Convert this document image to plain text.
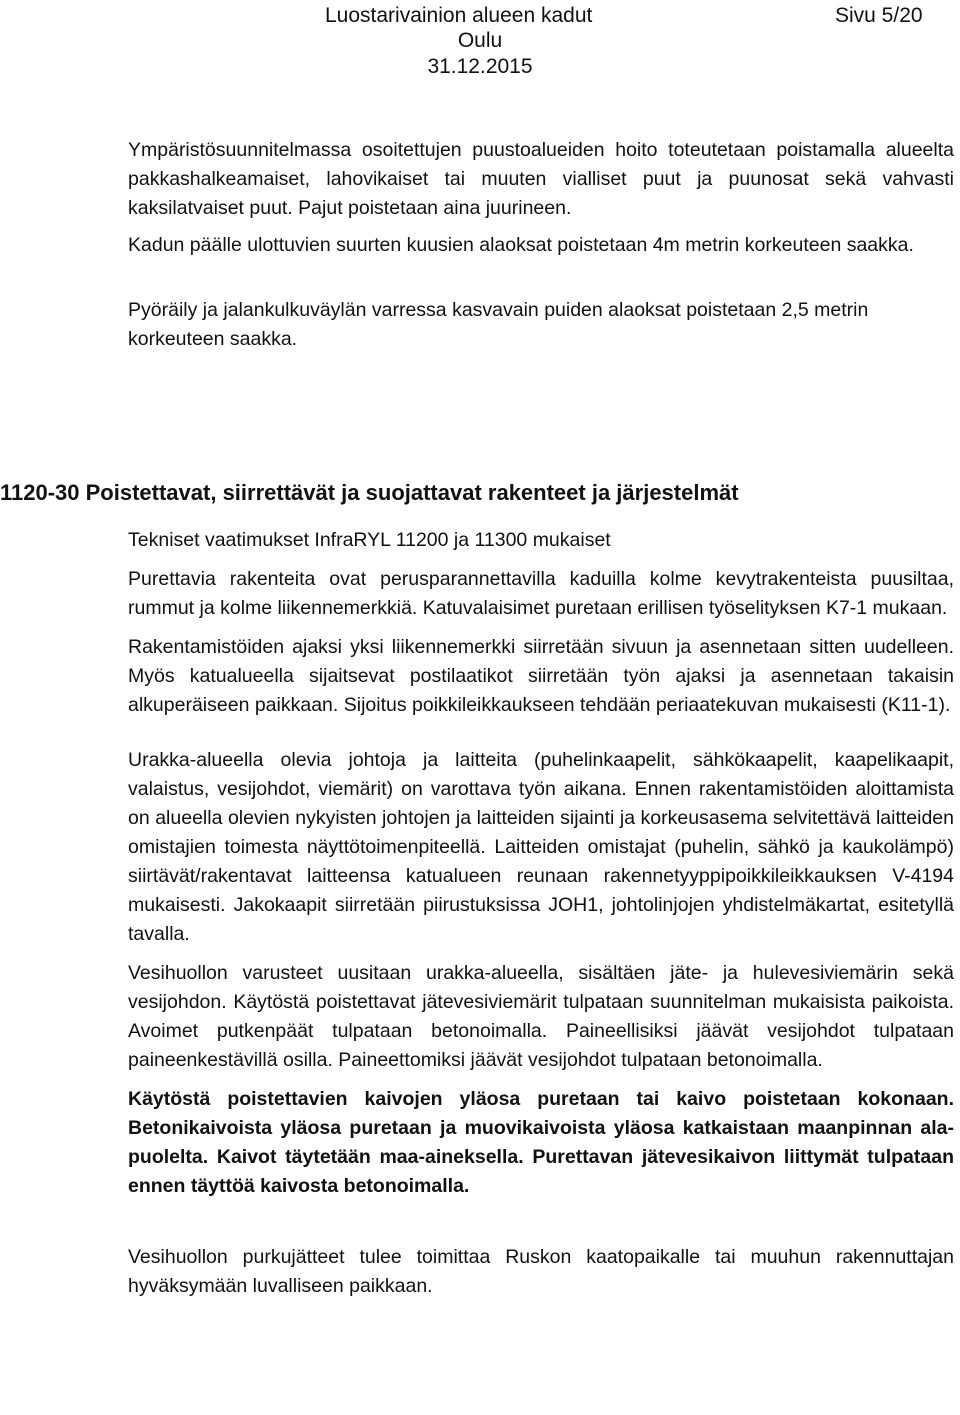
Luostarivainion alueen kadut	Sivu 5/20
Oulu
31.12.2015

Ympäristösuunnitelmassa osoitettujen puustoalueiden hoito toteutetaan poistamalla alueelta pakkashalkeamaiset, lahovikaiset tai muuten vialliset puut ja puunosat sekä vahvasti kaksilatvaiset puut. Pajut poistetaan aina juurineen.

Kadun päälle ulottuvien suurten kuusien alaoksat poistetaan 4m metrin korkeuteen saakka.

Pyöräily ja jalankulkuväylän varressa kasvavain puiden alaoksat poistetaan 2,5 metrin korkeuteen saakka.

1120-30 Poistettavat, siirrettävät ja suojattavat rakenteet ja järjestelmät

Tekniset vaatimukset InfraRYL 11200 ja 11300 mukaiset

Purettavia rakenteita ovat perusparannettavilla kaduilla kolme kevytrakenteista puusiltaa, rummut ja kolme liikennemerkkiä. Katuvalaisimet puretaan erillisen työselityksen K7-1 mukaan.

Rakentamistöiden ajaksi yksi liikennemerkki siirretään sivuun ja asennetaan sitten uudelleen. Myös katualueella sijaitsevat postilaatikot siirretään työn ajaksi ja asennetaan takaisin alkuperäiseen paikkaan. Sijoitus poikkileikkaukseen tehdään periaatekuvan mukaisesti (K11-1).

Urakka-alueella olevia johtoja ja laitteita (puhelinkaapelit, sähkökaapelit, kaapelikaapit, valaistus, vesijohdot, viemärit) on varottava työn aikana. Ennen rakentamistöiden aloittamista on alueella olevien nykyisten johtojen ja laitteiden sijainti ja korkeusasema selvitettävä laitteiden omistajien toimesta näyttötoimenpiteellä. Laitteiden omistajat (puhelin, sähkö ja kaukolämpö) siirtävät/rakentavat laitteensa katualueen reunaan rakennetyyppipoikkileikkauksen V-4194 mukaisesti. Jakokaapit siirretään piirustuksissa JOH1, johtolinjojen yhdistelmäkartat, esitetyllä tavalla.

Vesihuollon varusteet uusitaan urakka-alueella, sisältäen jäte- ja hulevesiviemärin sekä vesijohdon. Käytöstä poistettavat jätevesiviemärit tulpataan suunnitelman mukaisista paikoista. Avoimet putkenpäät tulpataan betonoimalla. Paineellisiksi jäävät vesijohdot tulpataan paineenkestävillä osilla. Paineettomiksi jäävät vesijohdot tulpataan betonoimalla.

Käytöstä poistettavien kaivojen yläosa puretaan tai kaivo poistetaan kokonaan. Betonikaivoista yläosa puretaan ja muovikaivoista yläosa katkaistaan maanpinnan ala-puolelta. Kaivot täytetään maa-aineksella. Purettavan jätevesikaivon liittymät tulpataan ennen täyttöä kaivosta betonoimalla.

Vesihuollon purkujätteet tulee toimittaa Ruskon kaatopaikalle tai muuhun rakennuttajan hyväksymään luvalliseen paikkaan.
